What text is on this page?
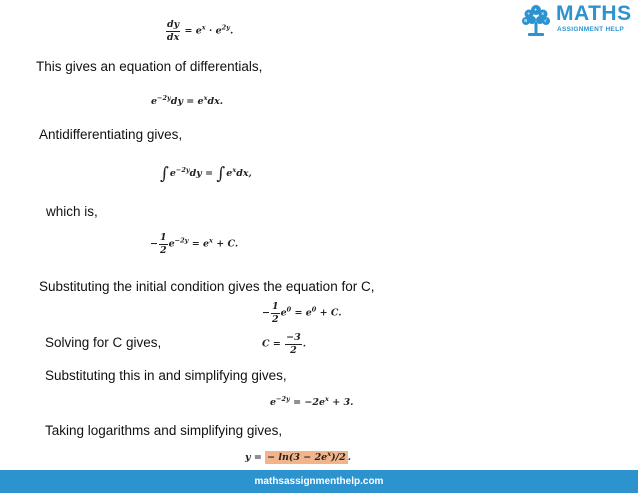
+
÷	×
π	√ MATHS
ASSIGNMENT HELP
$\frac{dy}{dx} = e^x \cdot e^{2y}$.
This gives an equation of differentials,
$e^{-2y}dy = e^xdx$.
Antidifferentiating gives,
$\int e^{-2y}dy = \int e^xdx$,
which is,
− $\frac{1}{2} e^{-2y} = e^x + C$.
Substituting the initial condition gives the equation for C,
− $\frac{1}{2} e^0 = e^0 + C$.
Solving for C gives,	$C = \frac{-3}{2}$ .
Substituting this in and simplifying gives,
$e^{-2y} = -2e^x + 3$.
Taking logarithms and simplifying gives,
y = − $\ln(3 - 2e^x)/2$ .
mathsassignmenthelp.com
